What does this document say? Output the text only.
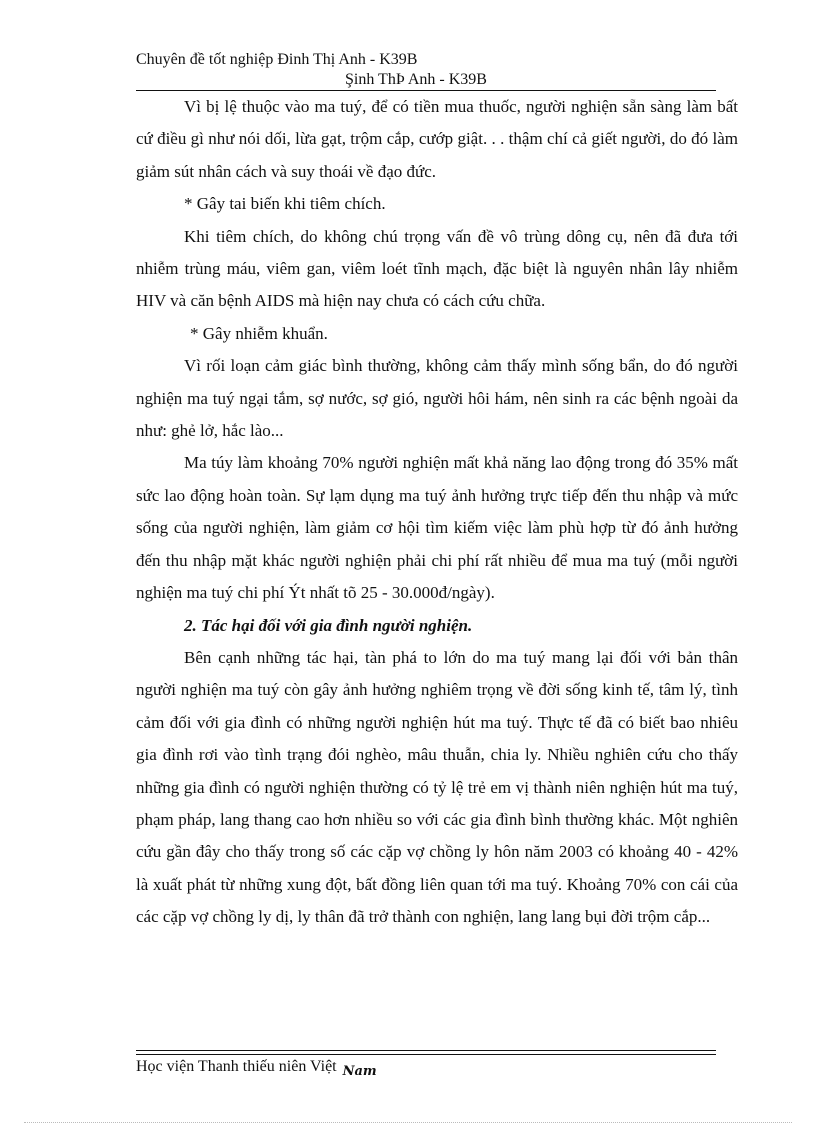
Chuyên đề tốt nghiệp Đinh Thị Anh - K39B
Şinh ThÞ Anh - K39B

Vì bị lệ thuộc vào ma tuý, để có tiền mua thuốc, người nghiện sẵn sàng làm bất cứ điều gì như nói dối, lừa gạt, trộm cắp, cướp giật. . . thậm chí cả giết người, do đó làm giảm sút nhân cách và suy thoái về đạo đức.

* Gây tai biến khi tiêm chích.

Khi tiêm chích, do không chú trọng vấn đề vô trùng dông cụ, nên đã đưa tới nhiễm trùng máu, viêm gan, viêm loét tĩnh mạch, đặc biệt là nguyên nhân lây nhiễm HIV và căn bệnh AIDS mà hiện nay chưa có cách cứu chữa.

* Gây nhiễm khuẩn.

Vì rối loạn cảm giác bình thường, không cảm thấy mình sống bẩn, do đó người nghiện ma tuý ngại tắm, sợ nước, sợ gió, người hôi hám, nên sinh ra các bệnh ngoài da như: ghẻ lở, hắc lào...

Ma túy làm khoảng 70% người nghiện mất khả năng lao động trong đó 35% mất sức lao động hoàn toàn. Sự lạm dụng ma tuý ảnh hưởng trực tiếp đến thu nhập và mức sống của người nghiện, làm giảm cơ hội tìm kiếm việc làm phù hợp từ đó ảnh hưởng đến thu nhập mặt khác người nghiện phải chi phí rất nhiều để mua ma tuý (mỗi người nghiện ma tuý chi phí Ýt nhất tõ 25 - 30.000đ/ngày).

2. Tác hại đối với gia đình người nghiện.

Bên cạnh những tác hại, tàn phá to lớn do ma tuý mang lại đối với bản thân người nghiện ma tuý còn gây ảnh hưởng nghiêm trọng về đời sống kinh tế, tâm lý, tình cảm đối với gia đình có những người nghiện hút ma tuý. Thực tế đã có biết bao nhiêu gia đình rơi vào tình trạng đói nghèo, mâu thuẫn, chia ly. Nhiều nghiên cứu cho thấy những gia đình có người nghiện thường có tỷ lệ trẻ em vị thành niên nghiện hút ma tuý, phạm pháp, lang thang cao hơn nhiều so với các gia đình bình thường khác. Một nghiên cứu gần đây cho thấy trong số các cặp vợ chồng ly hôn năm 2003 có khoảng 40 - 42% là xuất phát từ những xung đột, bất đồng liên quan tới ma tuý. Khoảng 70% con cái của các cặp vợ chồng ly dị, ly thân đã trở thành con nghiện, lang lang bụi đời trộm cắp...

Học viện Thanh thiếu niên Việt $_{Nam}$
